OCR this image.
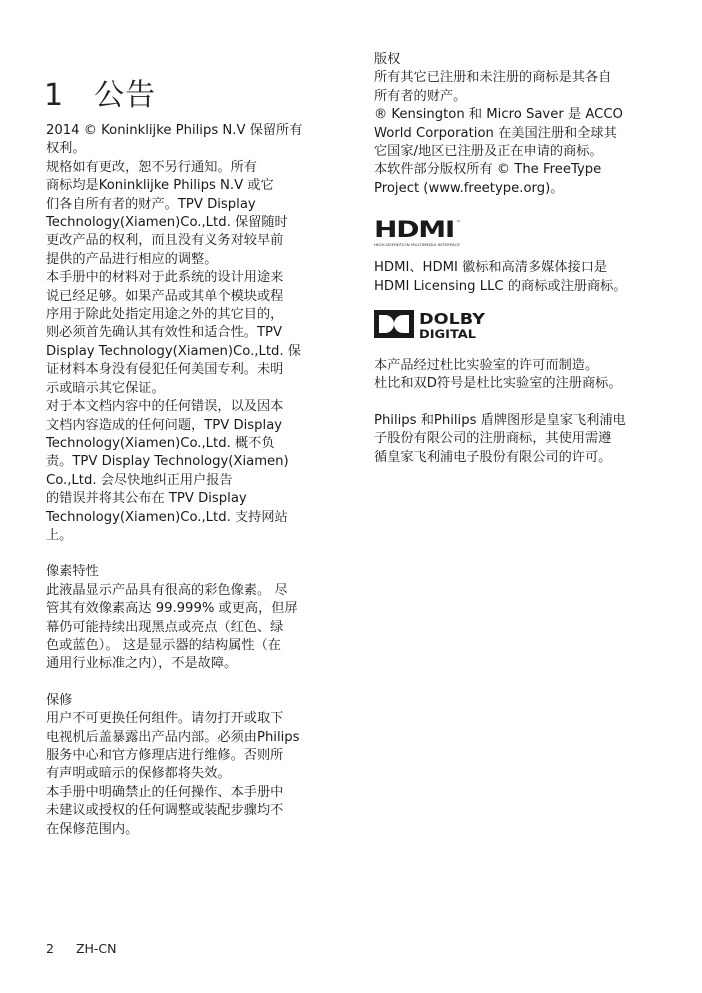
1 公告

2014 © Koninklijke Philips N.V 保留所有

权利。

规格如有更改，恕不另行通知。所有

商标均是Koninklijke Philips N.V 或它

们各自所有者的财产。TPV Display

Technology(Xiamen)Co.,Ltd. 保留随时

更改产品的权利，而且没有义务对较早前

提供的产品进行相应的调整。

本手册中的材料对于此系统的设计用途来

说已经足够。如果产品或其单个模块或程

序用于除此处指定用途之外的其它目的，

则必须首先确认其有效性和适合性。TPV

Display Technology(Xiamen)Co.,Ltd. 保

证材料本身没有侵犯任何美国专利。未明

示或暗示其它保证。

对于本文档内容中的任何错误，以及因本

文档内容造成的任何问题，TPV Display

Technology(Xiamen)Co.,Ltd. 概不负

责。TPV Display Technology(Xiamen)

Co.,Ltd. 会尽快地纠正用户报告

的错误并将其公布在 TPV Display

Technology(Xiamen)Co.,Ltd. 支持网站

上。

像素特性

此液晶显示产品具有很高的彩色像素。 尽

管其有效像素高达 99.999% 或更高，但屏

幕仍可能持续出现黑点或亮点（红色、绿

色或蓝色）。 这是显示器的结构属性（在

通用行业标准之内），不是故障。

保修

用户不可更换任何组件。请勿打开或取下

电视机后盖暴露出产品内部。必须由Philips

服务中心和官方修理店进行维修。否则所

有声明或暗示的保修都将失效。

本手册中明确禁止的任何操作、本手册中

未建议或授权的任何调整或装配步骤均不

在保修范围内。

版权

所有其它已注册和未注册的商标是其各自

所有者的财产。

® Kensington 和 Micro Saver 是 ACCO

World Corporation 在美国注册和全球其

它国家/地区已注册及正在申请的商标。

本软件部分版权所有 © The FreeType

Project (www.freetype.org)。

HDMI ™
HIGH-DEFINITION MULTIMEDIA INTERFACE

HDMI、HDMI 徽标和高清多媒体接口是

HDMI Licensing LLC 的商标或注册商标。

DOLBY
DIGITAL

本产品经过杜比实验室的许可而制造。

杜比和双D符号是杜比实验室的注册商标。

Philips 和Philips 盾牌图形是皇家飞利浦电

子股份有限公司的注册商标，其使用需遵

循皇家飞利浦电子股份有限公司的许可。

2 ZH-CN
